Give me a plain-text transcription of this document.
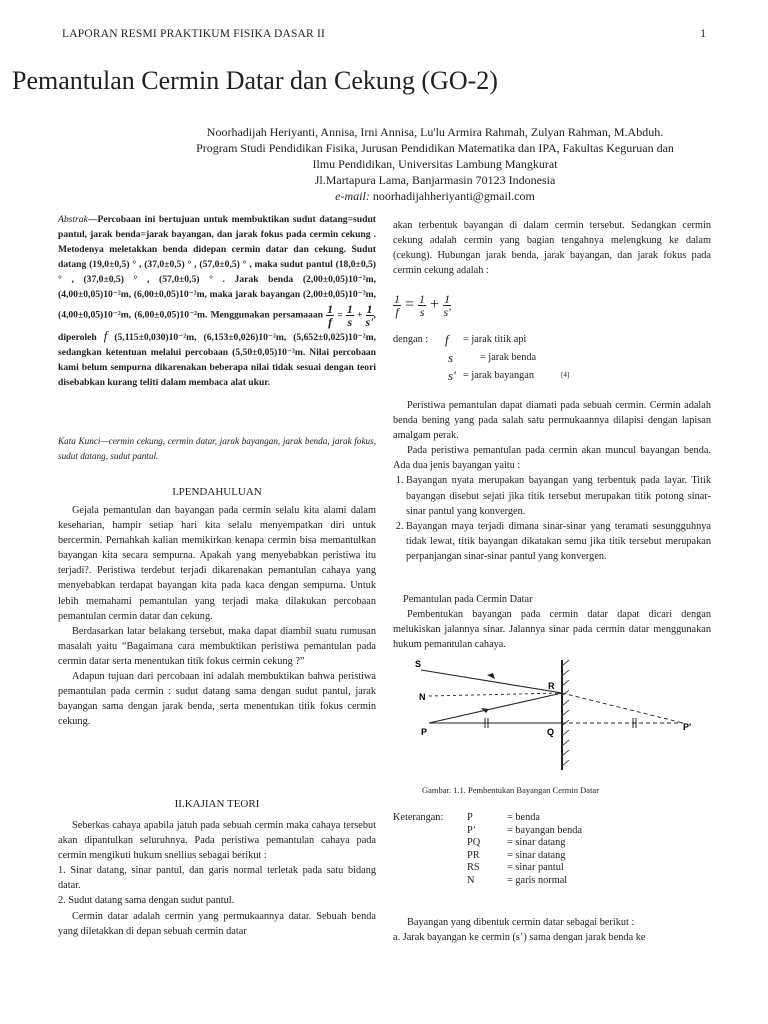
LAPORAN RESMI PRAKTIKUM FISIKA DASAR II	1
Pemantulan Cermin Datar dan Cekung (GO-2)
Noorhadijah Heriyanti, Annisa, Irni Annisa, Lu'lu Armira Rahmah, Zulyan Rahman, M.Abduh.
Program Studi Pendidikan Fisika, Jurusan Pendidikan Matematika dan IPA, Fakultas Keguruan dan
Ilmu Pendidikan, Universitas Lambung Mangkurat
Jl.Martapura Lama, Banjarmasin 70123 Indonesia
e-mail: noorhadijahheriyanti@gmail.com
Abstrak—Percobaan ini bertujuan untuk membuktikan sudut datang=sudut pantul, jarak benda=jarak bayangan, dan jarak fokus pada cermin cekung . Metodenya meletakkan benda didepan cermin datar dan cekung. Sudut datang (19,0±0,5) ° , (37,0±0,5) ° , (57,0±0,5) ° , maka sudut pantul (18,0±0,5) ° , (37,0±0,5) ° , (57,0±0,5) ° . Jarak benda (2,00±0,05)10⁻²m, (4,00±0,05)10⁻²m, (6,00±0,05)10⁻²m, maka jarak bayangan (2,00±0,05)10⁻²m, (4,00±0,05)10⁻²m, (6,00±0,05)10⁻²m. Menggunakan persamaaan $\frac{1}{f} = \frac{1}{s} + \frac{1}{s'}$ , diperoleh f (5,115±0,030)10⁻²m, (6,153±0,026)10⁻²m, (5,652±0,025)10⁻²m, sedangkan ketentuan melalui percobaan (5,50±0,05)10⁻²m. Nilai percobaan kami belum sempurna dikarenakan beberapa nilai tidak sesuai dengan teori disebabkan kurang teliti dalam membaca alat ukur.
Kata Kunci—cermin cekung, cermin datar, jarak bayangan, jarak benda, jarak fokus, sudut datang, sudut pantul.
I.PENDAHULUAN

Gejala pemantulan dan bayangan pada cermin selalu kita alami dalam keseharian, hampir setiap hari kita selalu menyempatkan diri untuk bercermin. Pernahkah kalian memikirkan kenapa cermin bisa memantulkan bayangan kita secara sempurna. Apakah yang menyebabkan peristiwa itu terjadi?. Peristiwa terdebut terjadi dikarenakan pemantulan cahaya yang menyebabkan terdapat bayangan kita pada kaca dengan sempurna. Untuk lebih memahami pemantulan yang terjadi maka dilakukan percobaan pemantulan cermin datar dan cekung.

Berdasarkan latar belakang tersebut, maka dapat diambil suatu rumusan masalah yaitu “Bagaimana cara membuktikan peristiwa pemantulan pada cermin datar serta menentukan titik fokus cermin cekung ?”

Adapun tujuan dari percobaan ini adalah membuktikan bahwa peristiwa pemantulan pada cermin : sudut datang sama dengan sudut pantul, jarak bayangan sama dengan jarak benda, serta menentukan titik fokus cermin cekung.

II.KAJIAN TEORI

Seberkas cahaya apabila jatuh pada sebuah cermin maka cahaya tersebut akan dipantulkan seluruhnya. Pada peristiwa pemantulan cahaya pada cermin mengikuti hukum snellius sebagai berikut :

1. Sinar datang, sinar pantul, dan garis normal terletak pada satu bidang datar.

2. Sudut datang sama dengan sudut pantul.

Cermin datar adalah cermin yang permukaannya datar. Sebuah benda yang diletakkan di depan sebuah cermin datar

akan terbentuk bayangan di dalam cermin tersebut. Sedangkan cermin cekung adalah cermin yang bagian tengahnya melengkung ke dalam (cekung). Hubungan jarak benda, jarak bayangan, dan jarak fokus pada cermin cekung adalah :
$\frac{1}{f} = \frac{1}{s} + \frac{1}{s'}$
dengan : f = jarak titik api
s	= jarak benda
s' = jarak bayangan	[4]

Peristiwa pemantulan dapat diamati pada sebuah cermin. Cermin adalah benda bening yang pada salah satu permukaannya dilapisi dengan lapisan amalgam perak.

Pada peristiwa pemantulan pada cermin akan muncul bayangan benda. Ada dua jenis bayangan yaitu :

1. Bayangan nyata merupakan bayangan yang terbentuk pada layar. Titik bayangan disebut sejati jika titik tersebut merupakan titik potong sinar-sinar pantul yang konvergen.
2. Bayangan maya terjadi dimana sinar-sinar yang teramati sesungguhnya tidak lewat, titik bayangan dikatakan semu jika titik tersebut merupakan perpanjangan sinar-sinar pantul yang konvergen.

Pemantulan pada Cermin Datar

Pembentukan bayangan pada cermin datar dapat dicari dengan melukiskan jalannya sinar. Jalannya sinar pada cermin datar menggunakan hukum pemantulan cahaya.

S
N
R
P	Q	P'
Gambar. 1.1. Pembentukan Bayangan Cermin Datar
Keterangan:	P	= benda
	P’	= bayangan benda
	PQ	= sinar datang
	PR	= sinar datang
	RS	= sinar pantul
	N	= garis normal

Bayangan yang dibentuk cermin datar sebagai berikut :

a. Jarak bayangan ke cermin (s’) sama dengan jarak benda ke
